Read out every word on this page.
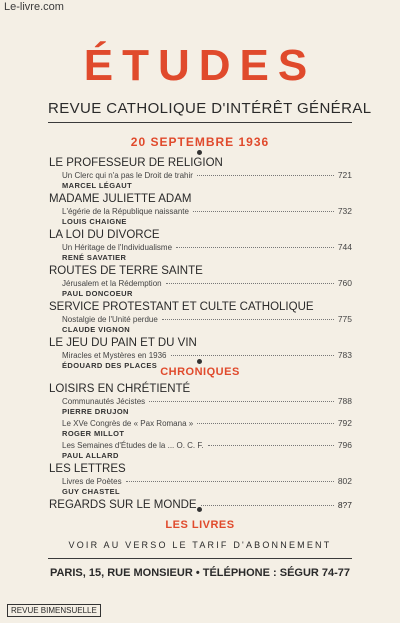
Le-livre.com
ÉTUDES
REVUE CATHOLIQUE D'INTÉRÊT GÉNÉRAL
20 SEPTEMBRE 1936
LE PROFESSEUR DE RELIGION
Un Clerc qui n'a pas le Droit de trahir	721
MARCEL LÉGAUT
MADAME JULIETTE ADAM
L'égérie de la République naissante	732
LOUIS CHAIGNE
LA LOI DU DIVORCE
Un Héritage de l'Individualisme	744
RENÉ SAVATIER
ROUTES DE TERRE SAINTE
Jérusalem et la Rédemption	760
PAUL DONCOEUR
SERVICE PROTESTANT ET CULTE CATHOLIQUE
Nostalgie de l'Unité perdue	775
CLAUDE VIGNON
LE JEU DU PAIN ET DU VIN
Miracles et Mystères en 1936	783
ÉDOUARD DES PLACES
CHRONIQUES
LOISIRS EN CHRÉTIENTÉ
Communautés Jécistes	788
PIERRE DRUJON
Le XVe Congrès de « Pax Romana »	792
ROGER MILLOT
Les Semaines d'Études de la ... O. C. F.	796
PAUL ALLARD
LES LETTRES
Livres de Poètes	802
GUY CHASTEL
REGARDS SUR LE MONDE	8?7
LES LIVRES
VOIR AU VERSO LE TARIF D'ABONNEMENT
PARIS, 15, RUE MONSIEUR • TÉLÉPHONE : SÉGUR 74-77
REVUE BIMENSUELLE
